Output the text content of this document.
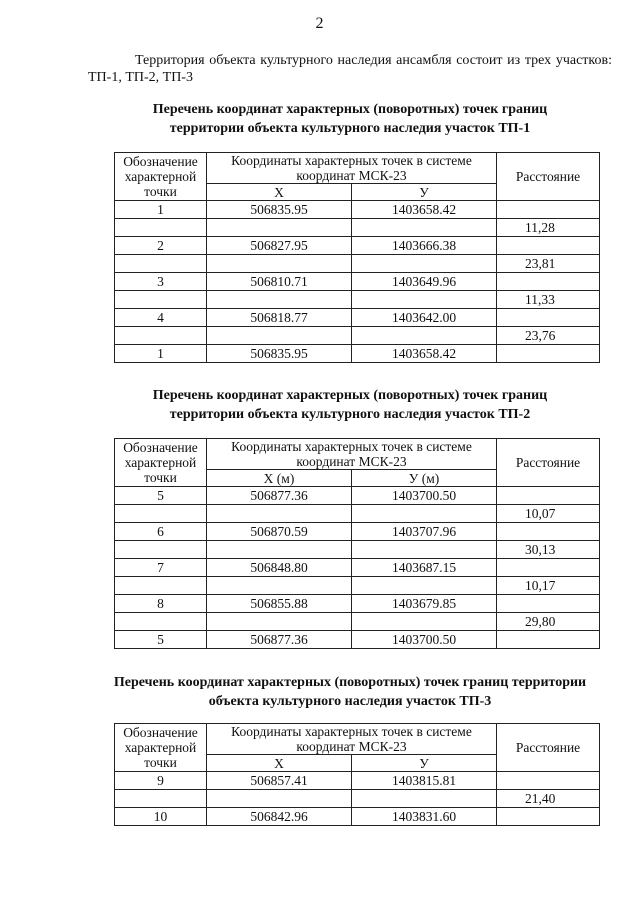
2
Территория объекта культурного наследия ансамбля состоит из трех участков: ТП-1, ТП-2, ТП-3
Перечень координат характерных (поворотных) точек границ
территории объекта культурного наследия участок ТП-1
Обозначение характерной точки	Координаты характерных точек в системе координат МСК-23		Расстояние
	Х	У	
1	506835.95	1403658.42	
			11,28
2	506827.95	1403666.38	
			23,81
3	506810.71	1403649.96	
			11,33
4	506818.77	1403642.00	
			23,76
1	506835.95	1403658.42	
Перечень координат характерных (поворотных) точек границ
территории объекта культурного наследия участок ТП-2
Обозначение характерной точки	Координаты характерных точек в системе координат МСК-23		Расстояние
	Х (м)	У (м)	
5	506877.36	1403700.50	
			10,07
6	506870.59	1403707.96	
			30,13
7	506848.80	1403687.15	
			10,17
8	506855.88	1403679.85	
			29,80
5	506877.36	1403700.50	
Перечень координат характерных (поворотных) точек границ территории
объекта культурного наследия участок ТП-3
Обозначение характерной точки	Координаты характерных точек в системе координат МСК-23		Расстояние
	Х	У	
9	506857.41	1403815.81	
			21,40
10	506842.96	1403831.60	
